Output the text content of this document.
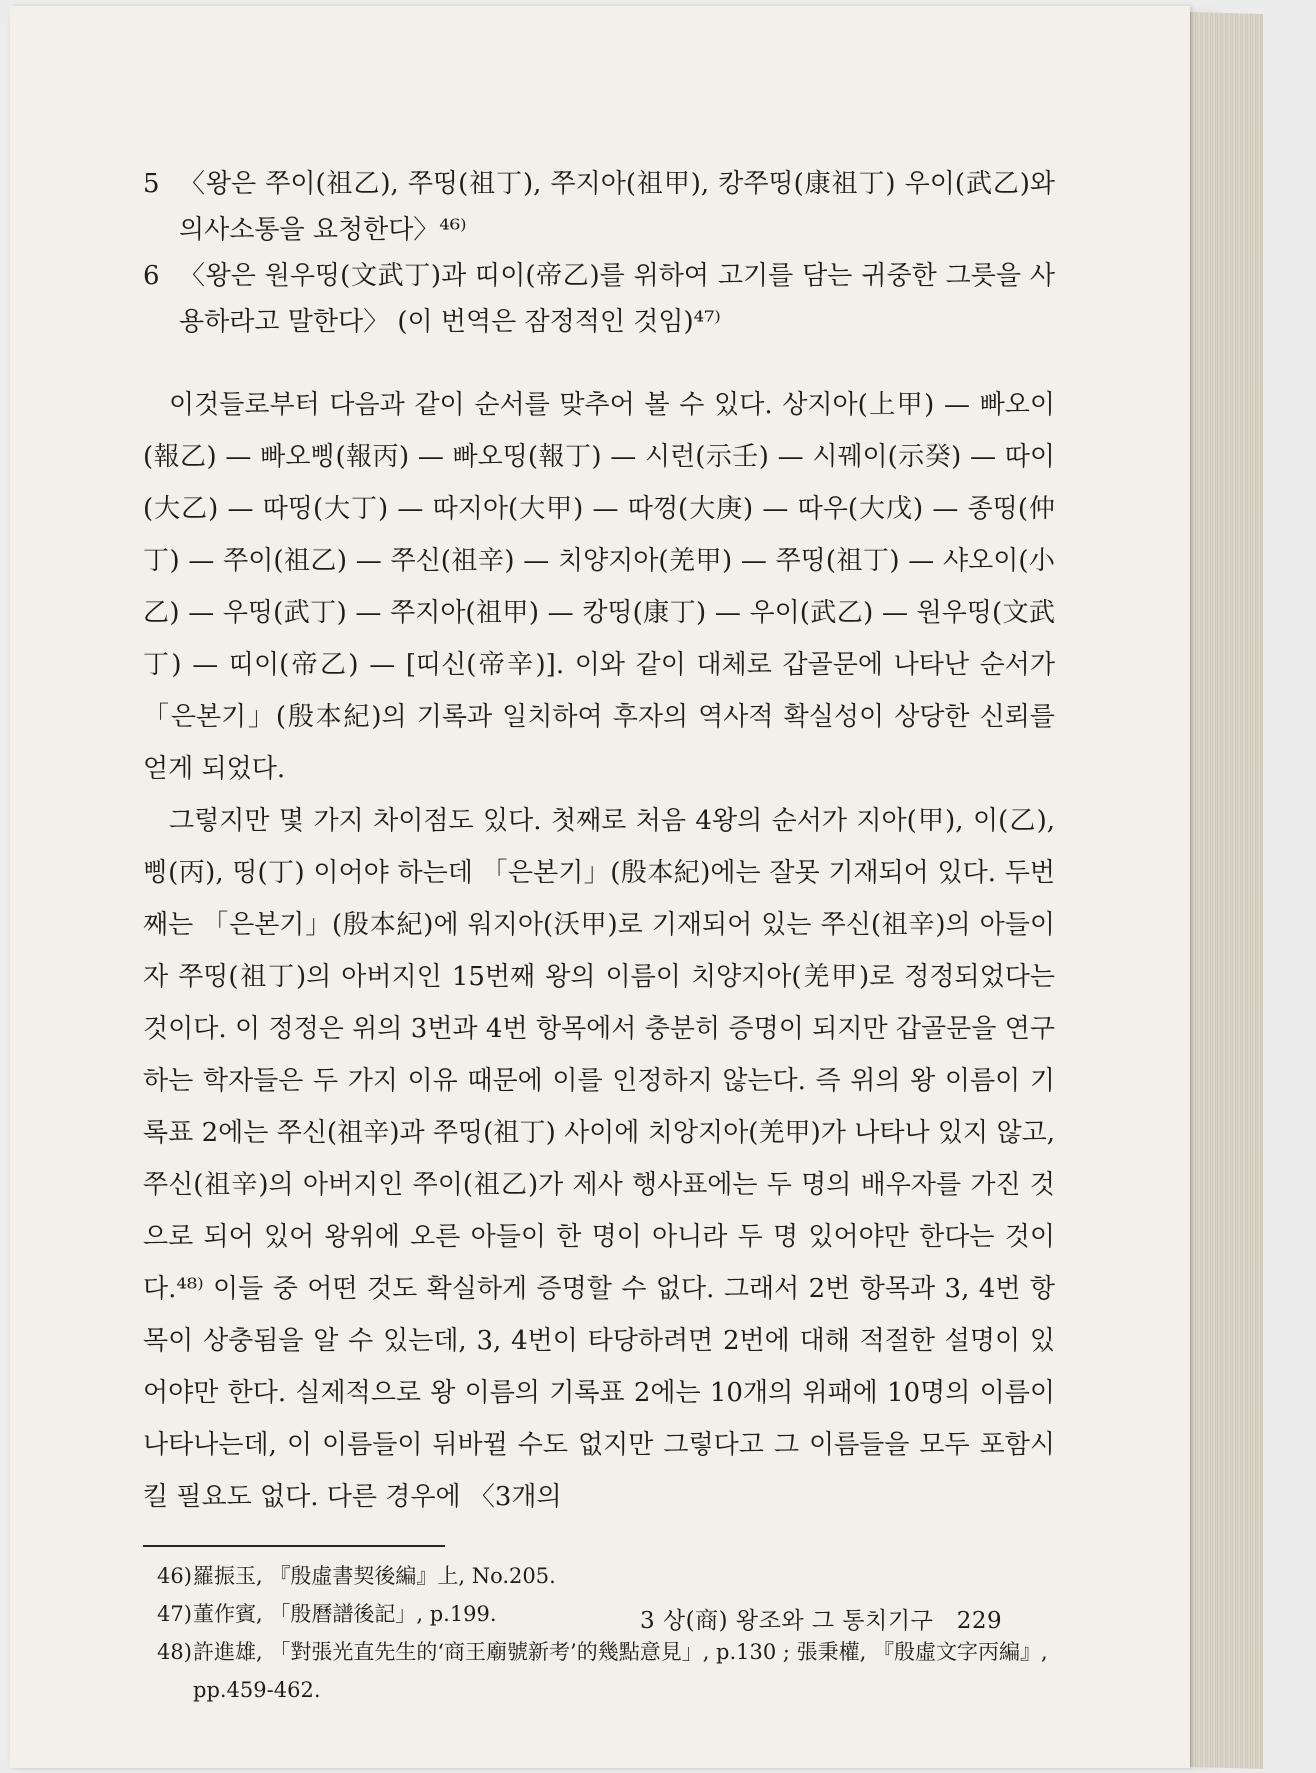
5 〈왕은 쭈이(祖乙), 쭈띵(祖丁), 쭈지아(祖甲), 캉쭈띵(康祖丁) 우이(武乙)와 의사소통을 요청한다〉⁴⁶⁾

6 〈왕은 원우띵(文武丁)과 띠이(帝乙)를 위하여 고기를 담는 귀중한 그릇을 사용하라고 말한다〉 (이 번역은 잠정적인 것임)⁴⁷⁾

이것들로부터 다음과 같이 순서를 맞추어 볼 수 있다. 상지아(上甲) — 빠오이(報乙) — 빠오삥(報丙) — 빠오띵(報丁) — 시런(示壬) — 시꿰이(示癸) — 따이(大乙) — 따띵(大丁) — 따지아(大甲) — 따껑(大庚) — 따우(大戊) — 종띵(仲丁) — 쭈이(祖乙) — 쭈신(祖辛) — 치양지아(羌甲) — 쭈띵(祖丁) — 샤오이(小乙) — 우띵(武丁) — 쭈지아(祖甲) — 캉띵(康丁) — 우이(武乙) — 원우띵(文武丁) — 띠이(帝乙) — [띠신(帝辛)]. 이와 같이 대체로 갑골문에 나타난 순서가 「은본기」(殷本紀)의 기록과 일치하여 후자의 역사적 확실성이 상당한 신뢰를 얻게 되었다.

그렇지만 몇 가지 차이점도 있다. 첫째로 처음 4왕의 순서가 지아(甲), 이(乙), 삥(丙), 띵(丁) 이어야 하는데 「은본기」(殷本紀)에는 잘못 기재되어 있다. 두번째는 「은본기」(殷本紀)에 워지아(沃甲)로 기재되어 있는 쭈신(祖辛)의 아들이자 쭈띵(祖丁)의 아버지인 15번째 왕의 이름이 치양지아(羌甲)로 정정되었다는 것이다. 이 정정은 위의 3번과 4번 항목에서 충분히 증명이 되지만 갑골문을 연구하는 학자들은 두 가지 이유 때문에 이를 인정하지 않는다. 즉 위의 왕 이름이 기록표 2에는 쭈신(祖辛)과 쭈띵(祖丁) 사이에 치앙지아(羌甲)가 나타나 있지 않고, 쭈신(祖辛)의 아버지인 쭈이(祖乙)가 제사 행사표에는 두 명의 배우자를 가진 것으로 되어 있어 왕위에 오른 아들이 한 명이 아니라 두 명 있어야만 한다는 것이다.⁴⁸⁾ 이들 중 어떤 것도 확실하게 증명할 수 없다. 그래서 2번 항목과 3, 4번 항목이 상충됨을 알 수 있는데, 3, 4번이 타당하려면 2번에 대해 적절한 설명이 있어야만 한다. 실제적으로 왕 이름의 기록표 2에는 10개의 위패에 10명의 이름이 나타나는데, 이 이름들이 뒤바뀔 수도 없지만 그렇다고 그 이름들을 모두 포함시킬 필요도 없다. 다른 경우에 〈3개의

46) 羅振玉, 『殷虛書契後編』上, No.205.

47) 董作賓, 「殷曆譜後記」, p.199.

48) 許進雄, 「對張光直先生的‘商王廟號新考’的幾點意見」, p.130 ; 張秉權, 『殷虛文字丙編』, pp.459-462.

3 상(商) 왕조와 그 통치기구　229
